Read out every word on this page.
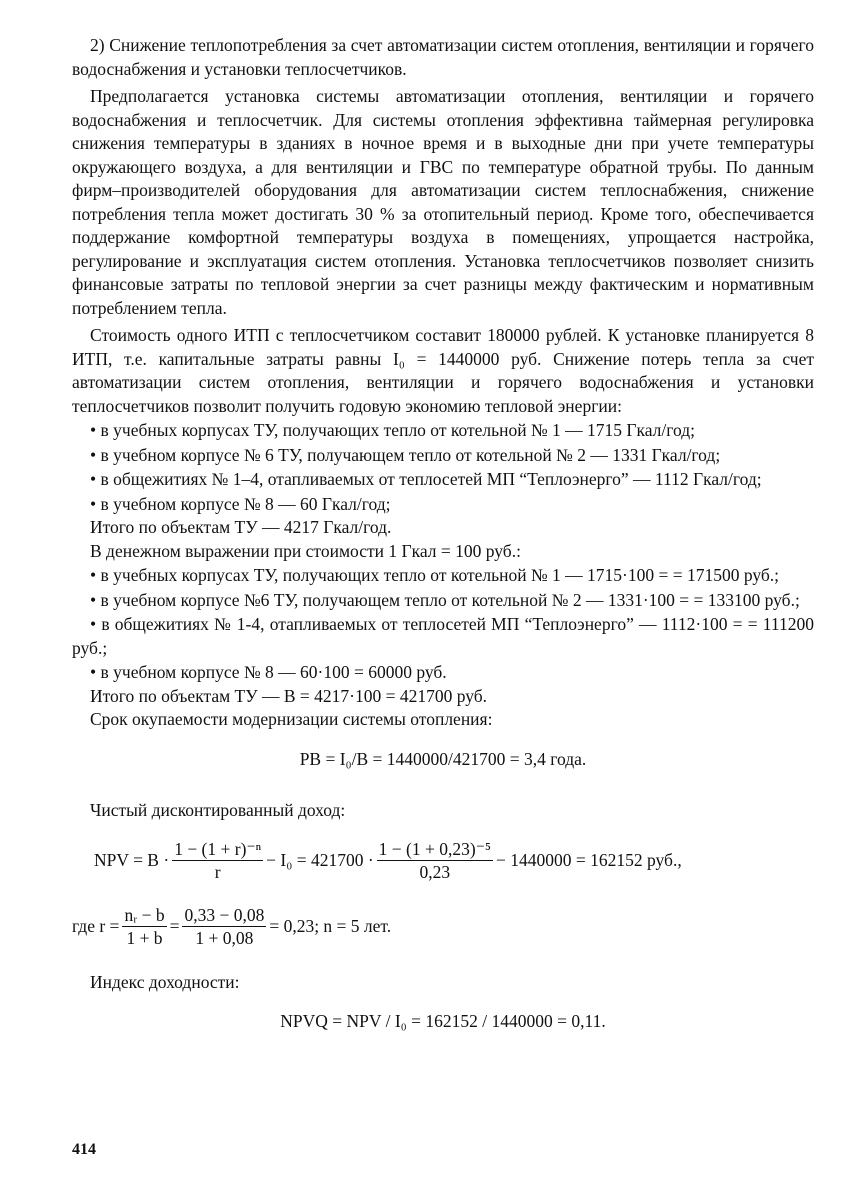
2) Снижение теплопотребления за счет автоматизации систем отопления, вентиляции и горячего водоснабжения и установки теплосчетчиков.

Предполагается установка системы автоматизации отопления, вентиляции и горячего водоснабжения и теплосчетчик. Для системы отопления эффективна таймерная регулировка снижения температуры в зданиях в ночное время и в выходные дни при учете температуры окружающего воздуха, а для вентиляции и ГВС по температуре обратной трубы. По данным фирм–производителей оборудования для автоматизации систем теплоснабжения, снижение потребления тепла может достигать 30 % за отопительный период. Кроме того, обеспечивается поддержание комфортной температуры воздуха в помещениях, упрощается настройка, регулирование и эксплуатация систем отопления. Установка теплосчетчиков позволяет снизить финансовые затраты по тепловой энергии за счет разницы между фактическим и нормативным потреблением тепла.

Стоимость одного ИТП с теплосчетчиком составит 180000 рублей. К установке планируется 8 ИТП, т.е. капитальные затраты равны I₀ = 1440000 руб. Снижение потерь тепла за счет автоматизации систем отопления, вентиляции и горячего водоснабжения и установки теплосчетчиков позволит получить годовую экономию тепловой энергии:

• в учебных корпусах ТУ, получающих тепло от котельной № 1 — 1715 Гкал/год;

• в учебном корпусе № 6 ТУ, получающем тепло от котельной № 2 — 1331 Гкал/год;

• в общежитиях № 1–4, отапливаемых от теплосетей МП “Теплоэнерго” — 1112 Гкал/год;

• в учебном корпусе № 8 — 60 Гкал/год;

Итого по объектам ТУ — 4217 Гкал/год.

В денежном выражении при стоимости 1 Гкал = 100 руб.:

• в учебных корпусах ТУ, получающих тепло от котельной № 1 — 1715·100 = = 171500 руб.;

• в учебном корпусе №6 ТУ, получающем тепло от котельной № 2 — 1331·100 = = 133100 руб.;

• в общежитиях № 1-4, отапливаемых от теплосетей МП “Теплоэнерго” — 1112·100 = = 111200 руб.;

• в учебном корпусе № 8 — 60·100 = 60000 руб.

Итого по объектам ТУ — B = 4217·100 = 421700 руб.

Срок окупаемости модернизации системы отопления:

PB = I₀/B = 1440000/421700 = 3,4 года.

Чистый дисконтированный доход:

NPV = $B \cdot \frac{\text{1 − (1 + r)⁻ⁿ}}{r} - I_0 = 421700 \cdot \frac{\text{1 − (1 + 0,23)⁻⁵}}{0,23} - 1440000 = 162152$ руб.,
где $r = \frac{\text{nᵣ − b}}{1 + b} = \frac{0,33 - 0,08}{1 + 0,08} = 0,23$; n = 5 лет.

Индекс доходности:

NPVQ = NPV / I₀ = 162152 / 1440000 = 0,11.

414
